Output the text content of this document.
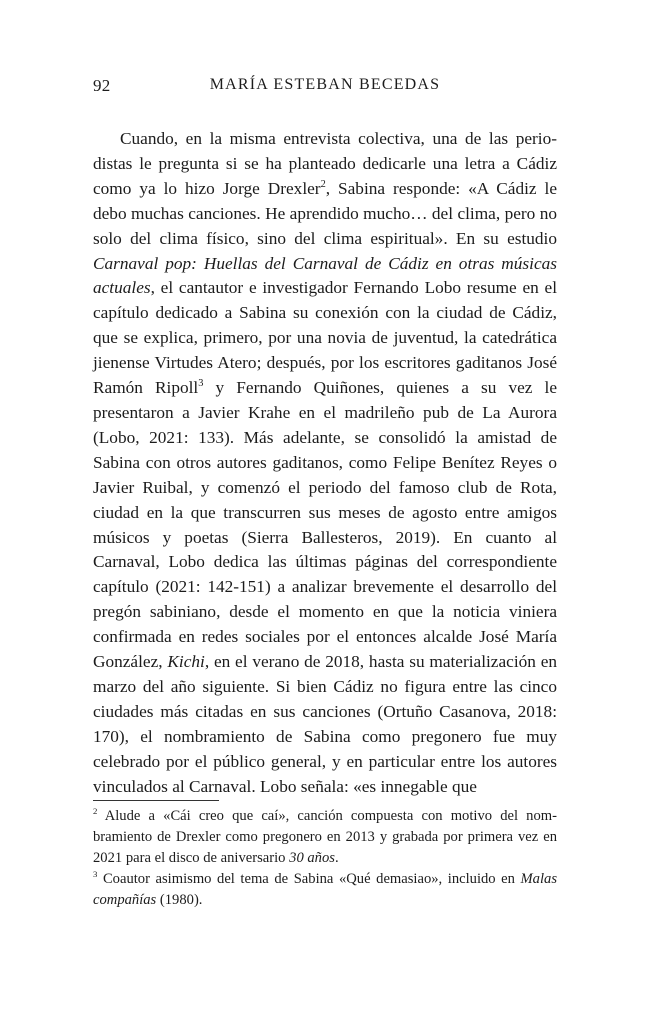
92	MARÍA ESTEBAN BECEDAS

Cuando, en la misma entrevista colectiva, una de las periodistas le pregunta si se ha planteado dedicarle una letra a Cádiz como ya lo hizo Jorge Drexler$^2$, Sabina responde: «A Cádiz le debo muchas canciones. He aprendido mucho… del clima, pero no solo del clima físico, sino del clima espiritual». En su estudio Carnaval pop: Huellas del Carnaval de Cádiz en otras músicas actuales, el cantautor e investigador Fernando Lobo resume en el capítulo dedicado a Sabina su conexión con la ciudad de Cádiz, que se explica, primero, por una novia de juventud, la catedrática jienense Virtudes Atero; después, por los escritores gaditanos José Ramón Ripoll$^3$ y Fernando Quiñones, quienes a su vez le presentaron a Javier Krahe en el madrileño pub de La Aurora (Lobo, 2021: 133). Más adelante, se consolidó la amistad de Sabina con otros autores gaditanos, como Felipe Benítez Reyes o Javier Ruibal, y comenzó el periodo del famoso club de Rota, ciudad en la que transcurren sus meses de agosto entre amigos músicos y poetas (Sierra Ballesteros, 2019). En cuanto al Carnaval, Lobo dedica las últimas páginas del correspondiente capítulo (2021: 142-151) a analizar brevemente el desarrollo del pregón sabiniano, desde el momento en que la noticia viniera confirmada en redes sociales por el entonces alcalde José María González, Kichi, en el verano de 2018, hasta su materialización en marzo del año siguiente. Si bien Cádiz no figura entre las cinco ciudades más citadas en sus canciones (Ortuño Casanova, 2018: 170), el nombramiento de Sabina como pregonero fue muy celebrado por el público general, y en particular entre los autores vinculados al Carnaval. Lobo señala: «es innegable que

$^2$ Alude a «Cái creo que caí», canción compuesta con motivo del nombramiento de Drexler como pregonero en 2013 y grabada por primera vez en 2021 para el disco de aniversario 30 años.

$^3$ Coautor asimismo del tema de Sabina «Qué demasiao», incluido en Malas compañías (1980).
